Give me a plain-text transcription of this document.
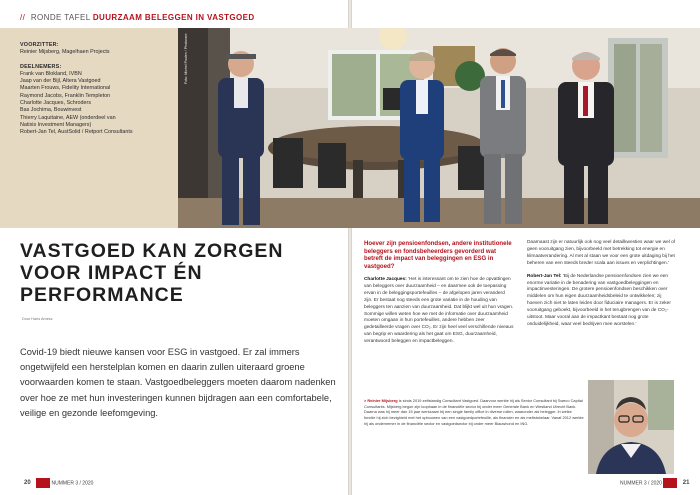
// RONDE TAFEL DUURZAAM BELEGGEN IN VASTGOED
VOORZITTER:
Reinier Mijsberg, Magelhaen Projects
DEELNEMERS:
Frank van Blokland, IVBN
Jaap van der Bijl, Altera Vastgoed
Maarten Frouws, Fidelity International
Raymond Jacobs, Franklin Templeton
Charlotte Jacques, Schroders
Bas Jochima, Bouwinvest
Thierry Laquitaine, AEW (onderdeel van
Natixis Investment Managers)
Robert-Jan Tel, AustSolid / Retport Consultants
VASTGOED KAN ZORGEN
VOOR IMPACT ÉN
PERFORMANCE
Door Hans Amesz
Covid-19 biedt nieuwe kansen voor ESG in vastgoed. Er zal immers ongetwijfeld een herstelplan komen en daarin zullen uiteraard groene voorwaarden komen te staan. Vastgoedbeleggers moeten daarom nadenken over hoe ze met hun investeringen kunnen bijdragen aan een comfortabele, veilige en gezonde leefomgeving.
20	NUMMER 3 / 2020	NUMMER 3 / 2020	21
Foto: Michel Poolen / Photorare
Hoever zijn pensioenfondsen, andere institutionele beleggers en fondsbeheerders gevorderd wat betreft de impact van beleggingen en ESG in vastgoed?
Charlotte Jacques: 'Het is interessant om te zien hoe de opvattingen van beleggers over duurzaamheid – en daarmee ook de toepassing ervan in de beleggingsportefeuilles – de afgelopen jaren veranderd zijn. Er bestaat nog steeds een grote variatie in de houding van beleggers ten aanzien van duurzaamheid. Dat blijkt wel uit hun vragen. Sommige willen weten hoe we met de informatie over duurzaamheid moeten omgaan in hun portefeuilles, andere hebben zeer gedetailleerde vragen over CO₂. Er zijn heel veel verschillende niveaus van begrip en waardering als het gaat om ESG, duurzaamheid, verantwoord beleggen en impactbeleggen.
Daarnaast zijn er natuurlijk ook nog veel detailkwesties waar we wel of geen vooruitgang zien, bijvoorbeeld met betrekking tot energie en klimaatverandering. Al met al staan we voor een grote uitdaging bij het beheren van een steeds breder scala aan issues en verplichtingen.'
Robert-Jan Tel: 'Bij de Nederlandse pensioenfondsen zien we een enorme variatie in de benadering van vastgoedbeleggingen en impactinvesteringen. De grotere pensioenfondsen beschikken over middelen om hun eigen duurzaamheidsbeleid te ontwikkelen; zij hoeven zich niet te laten leiden door fiduciaire managers. Er is zeker vooruitgang geboekt, bijvoorbeeld in het terugbrengen van de CO₂-uitstoot. Maar vooral aan de impactkant bestaat nog grote onduidelijkheid, waar veel bedrijven mee worstelen.'
> Reinier Mijsberg is sinds 2019 zelfstandig Consultant Vastgoed. Daarvoor werkte hij als Senior Consultant bij Sweco Capital Consultants. Mijsberg begon zijn loopbaan in de financiële sector bij onder meer Generale Bank en Westland Utrecht Bank. Daarna was hij meer dan 15 jaar werkzaam bij een single family office in diverse rollen, waaronder als belegger. In welke functie hij zich bezighield met het opbouwen van een vastgoedportefeuille, als financier en als mefistokelaar. Vanaf 2012 werkte hij als ondernemer in de financiële sector en vastgoedsector bij onder meer Blauwhond en ING.
